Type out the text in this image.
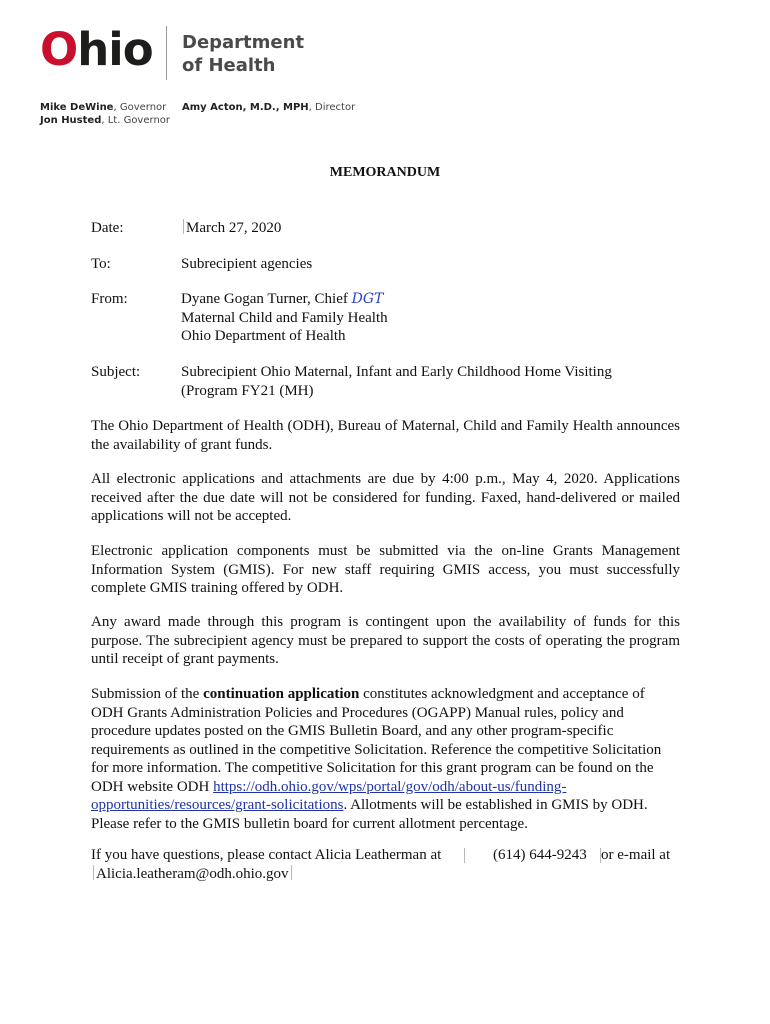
Ohio Department
of Health
Mike DeWine, Governor
Jon Husted, Lt. Governor
Amy Acton, M.D., MPH, Director
MEMORANDUM
Date:	March 27, 2020
To:	Subrecipient agencies
From:	Dyane Gogan Turner, Chief DGT
Maternal Child and Family Health
Ohio Department of Health
Subject:	Subrecipient Ohio Maternal, Infant and Early Childhood Home Visiting
(Program FY21 (MH)

The Ohio Department of Health (ODH), Bureau of Maternal, Child and Family Health announces the availability of grant funds.

All electronic applications and attachments are due by 4:00 p.m., May 4, 2020. Applications received after the due date will not be considered for funding. Faxed, hand-delivered or mailed applications will not be accepted.

Electronic application components must be submitted via the on-line Grants Management Information System (GMIS). For new staff requiring GMIS access, you must successfully complete GMIS training offered by ODH.

Any award made through this program is contingent upon the availability of funds for this purpose. The subrecipient agency must be prepared to support the costs of operating the program until receipt of grant payments.

Submission of the continuation application constitutes acknowledgment and acceptance of ODH Grants Administration Policies and Procedures (OGAPP) Manual rules, policy and procedure updates posted on the GMIS Bulletin Board, and any other program-specific requirements as outlined in the competitive Solicitation. Reference the competitive Solicitation for more information. The competitive Solicitation for this grant program can be found on the ODH website ODH https://odh.ohio.gov/wps/portal/gov/odh/about-us/funding-opportunities/resources/grant-solicitations. Allotments will be established in GMIS by ODH. Please refer to the GMIS bulletin board for current allotment percentage.

If you have questions, please contact Alicia Leatherman at	(614) 644-9243 or e-mail at
Alicia.leatheram@odh.ohio.gov
